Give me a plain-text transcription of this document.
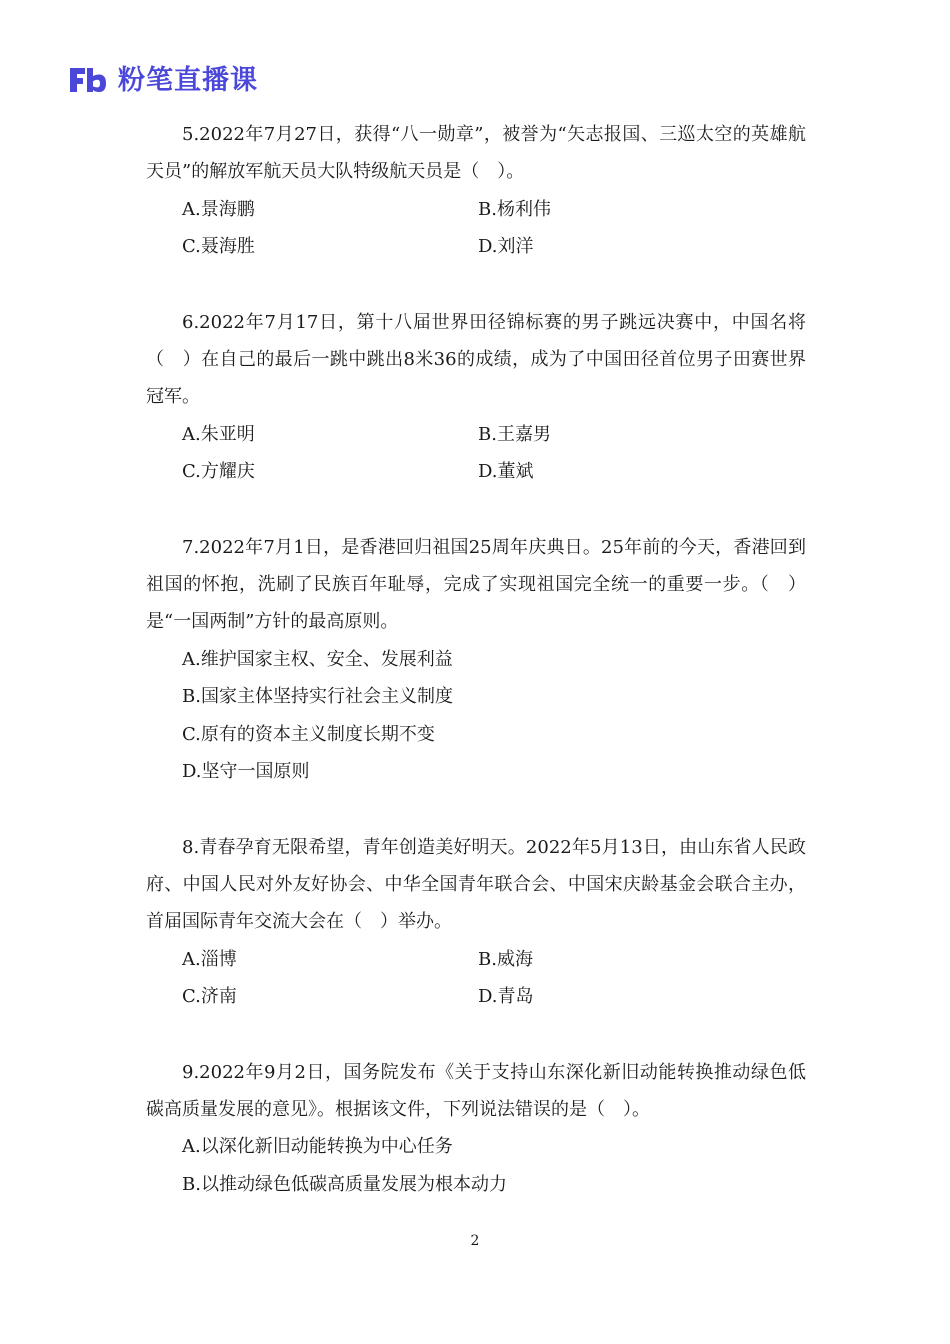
粉笔直播课

5.2022年7月27日，获得“八一勋章”，被誉为“矢志报国、三巡太空的英雄航天员”的解放军航天员大队特级航天员是（　）。

A.景海鹏	B.杨利伟
C.聂海胜	D.刘洋

6.2022年7月17日，第十八届世界田径锦标赛的男子跳远决赛中，中国名将（　）在自己的最后一跳中跳出8米36的成绩，成为了中国田径首位男子田赛世界冠军。

A.朱亚明	B.王嘉男
C.方耀庆	D.董斌

7.2022年7月1日，是香港回归祖国25周年庆典日。25年前的今天，香港回到祖国的怀抱，洗刷了民族百年耻辱，完成了实现祖国完全统一的重要一步。（　）是“一国两制”方针的最高原则。

A.维护国家主权、安全、发展利益
B.国家主体坚持实行社会主义制度
C.原有的资本主义制度长期不变
D.坚守一国原则

8.青春孕育无限希望，青年创造美好明天。2022年5月13日，由山东省人民政府、中国人民对外友好协会、中华全国青年联合会、中国宋庆龄基金会联合主办，首届国际青年交流大会在（　）举办。

A.淄博	B.威海
C.济南	D.青岛

9.2022年9月2日，国务院发布《关于支持山东深化新旧动能转换推动绿色低碳高质量发展的意见》。根据该文件，下列说法错误的是（　）。

A.以深化新旧动能转换为中心任务
B.以推动绿色低碳高质量发展为根本动力
2
